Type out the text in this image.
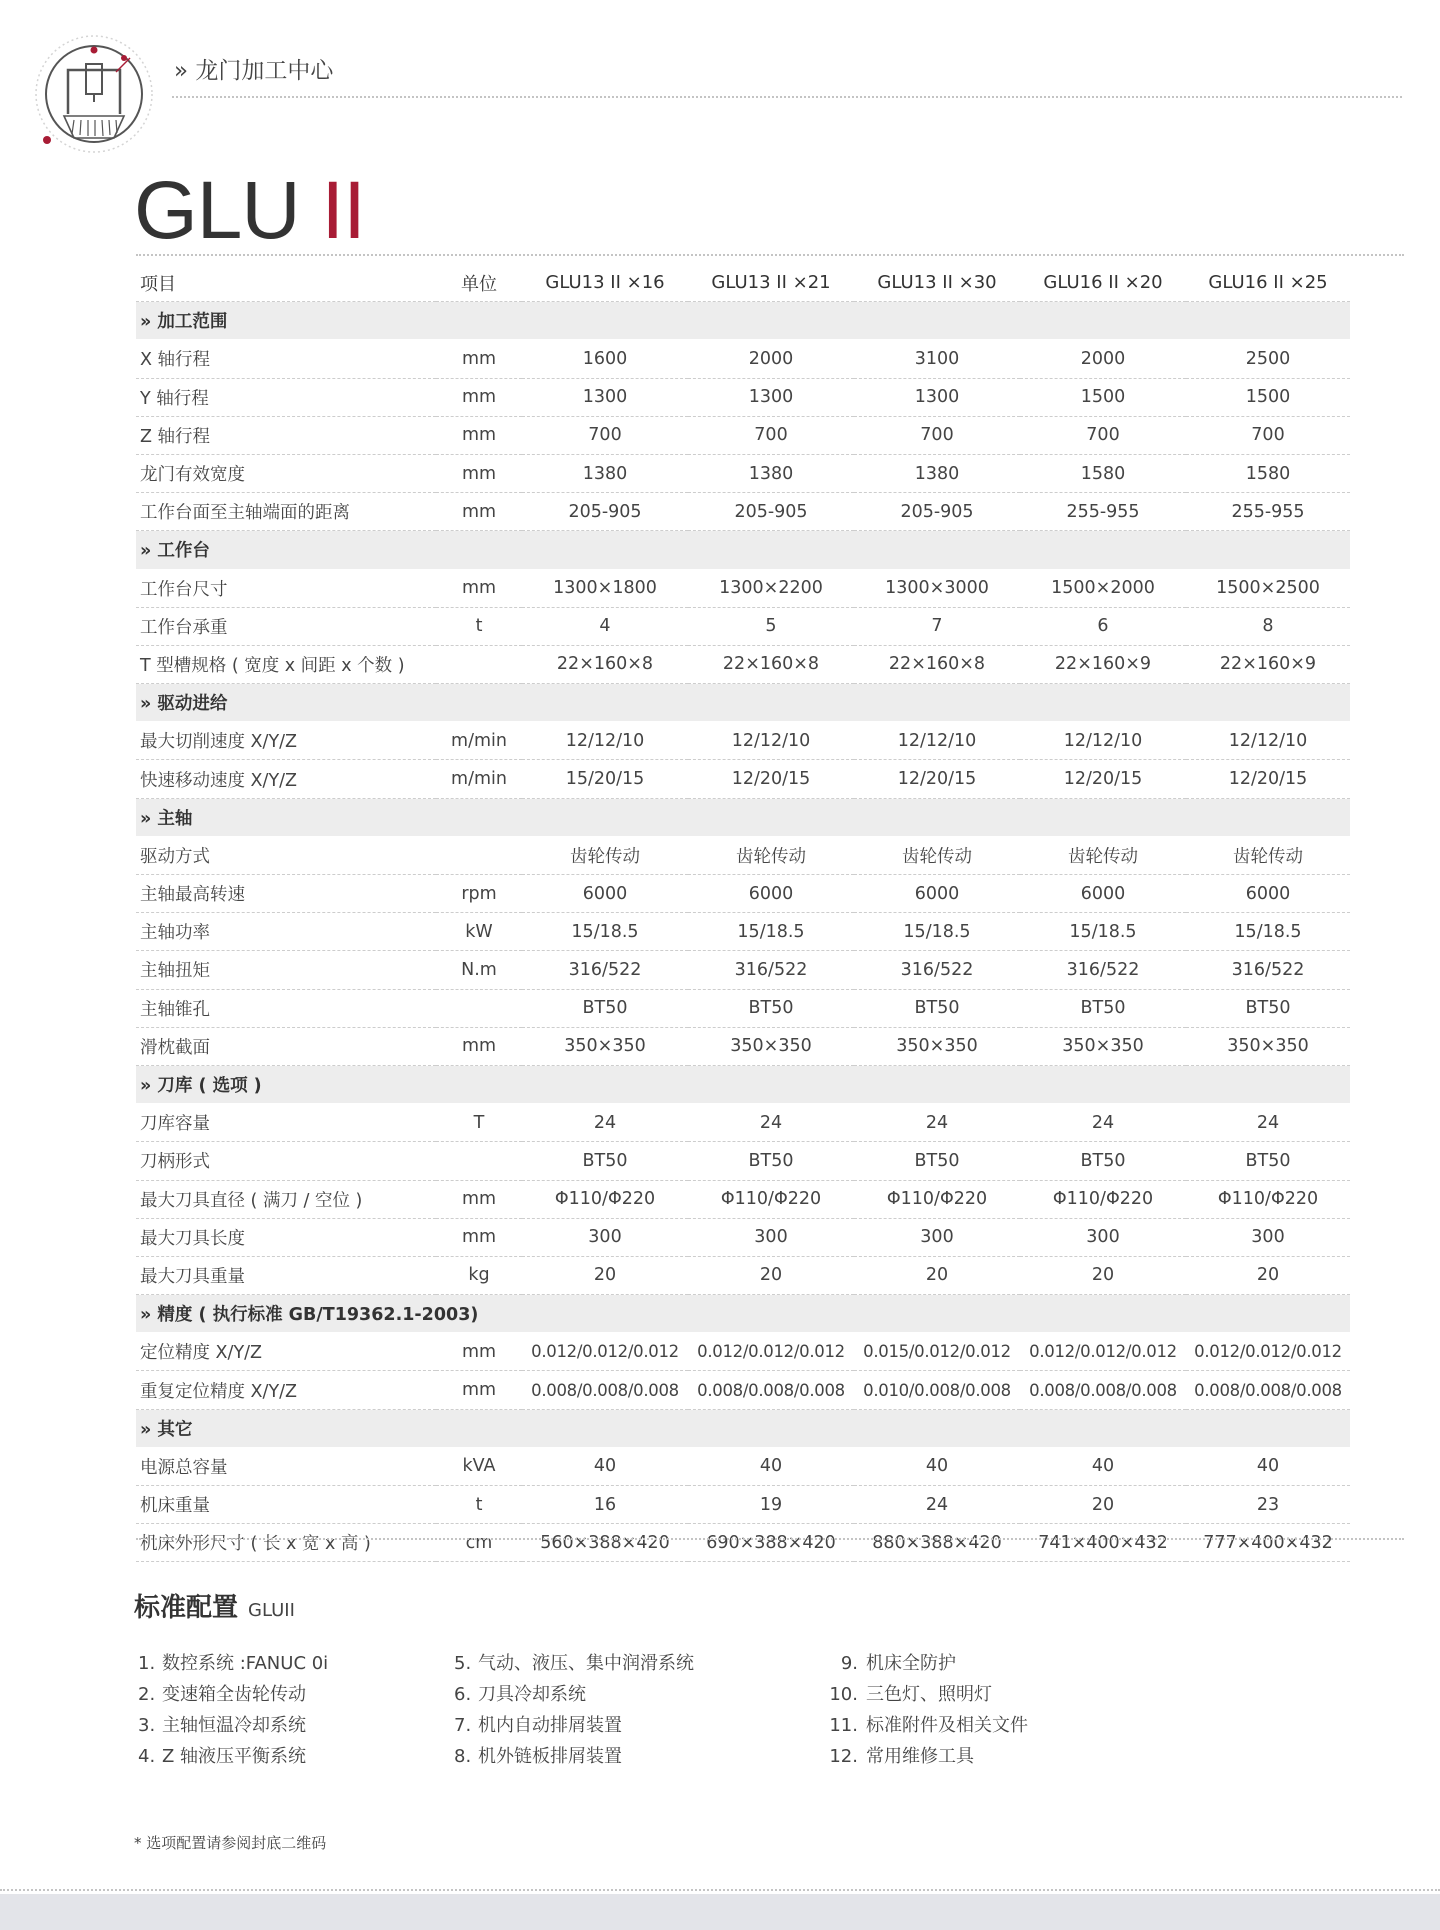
» 龙门加工中心
GLU II
项目	单位	GLU13 II ×16	GLU13 II ×21	GLU13 II ×30	GLU16 II ×20	GLU16 II ×25
» 加工范围						
X 轴行程	mm	1600	2000	3100	2000	2500
Y 轴行程	mm	1300	1300	1300	1500	1500
Z 轴行程	mm	700	700	700	700	700
龙门有效宽度	mm	1380	1380	1380	1580	1580
工作台面至主轴端面的距离	mm	205-905	205-905	205-905	255-955	255-955
» 工作台						
工作台尺寸	mm	1300×1800	1300×2200	1300×3000	1500×2000	1500×2500
工作台承重	t	4	5	7	6	8
T 型槽规格 ( 宽度 x 间距 x 个数 )		22×160×8	22×160×8	22×160×8	22×160×9	22×160×9
» 驱动进给						
最大切削速度 X/Y/Z	m/min	12/12/10	12/12/10	12/12/10	12/12/10	12/12/10
快速移动速度 X/Y/Z	m/min	15/20/15	12/20/15	12/20/15	12/20/15	12/20/15
» 主轴						
驱动方式		齿轮传动	齿轮传动	齿轮传动	齿轮传动	齿轮传动
主轴最高转速	rpm	6000	6000	6000	6000	6000
主轴功率	kW	15/18.5	15/18.5	15/18.5	15/18.5	15/18.5
主轴扭矩	N.m	316/522	316/522	316/522	316/522	316/522
主轴锥孔		BT50	BT50	BT50	BT50	BT50
滑枕截面	mm	350×350	350×350	350×350	350×350	350×350
» 刀库 ( 选项 )						
刀库容量	T	24	24	24	24	24
刀柄形式		BT50	BT50	BT50	BT50	BT50
最大刀具直径 ( 满刀 / 空位 )	mm	Φ110/Φ220	Φ110/Φ220	Φ110/Φ220	Φ110/Φ220	Φ110/Φ220
最大刀具长度	mm	300	300	300	300	300
最大刀具重量	kg	20	20	20	20	20
» 精度 ( 执行标准 GB/T19362.1-2003)						
定位精度 X/Y/Z	mm	0.012/0.012/0.012	0.012/0.012/0.012	0.015/0.012/0.012	0.012/0.012/0.012	0.012/0.012/0.012
重复定位精度 X/Y/Z	mm	0.008/0.008/0.008	0.008/0.008/0.008	0.010/0.008/0.008	0.008/0.008/0.008	0.008/0.008/0.008
» 其它						
电源总容量	kVA	40	40	40	40	40
机床重量	t	16	19	24	20	23
机床外形尺寸 ( 长 x 宽 x 高 )	cm	560×388×420	690×388×420	880×388×420	741×400×432	777×400×432
标准配置 GLUII
1. 数控系统 :FANUC 0i
2. 变速箱全齿轮传动
3. 主轴恒温冷却系统
4. Z 轴液压平衡系统
5. 气动、液压、集中润滑系统
6. 刀具冷却系统
7. 机内自动排屑装置
8. 机外链板排屑装置
9. 机床全防护
10. 三色灯、照明灯
11. 标准附件及相关文件
12. 常用维修工具
* 选项配置请参阅封底二维码
